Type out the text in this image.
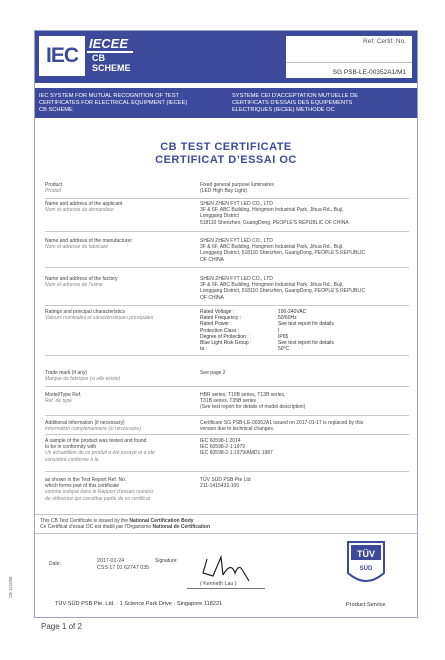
IEC
IECEE
CB SCHEME
Ref. Certif. No.
SG PSB-LE-00352A1/M1
IEC SYSTEM FOR MUTUAL RECOGNITION OF TEST
CERTIFICATES FOR ELECTRICAL EQUIPMENT (IECEE)
CB SCHEME
SYSTEME CEI D'ACCEPTATION MUTUELLE DE
CERTIFICATS D'ESSAIS DES EQUIPEMENTS
ELECTRIQUES (IECEE) METHODE OC
CB TEST CERTIFICATE
CERTIFICAT D’ESSAI OC
Product
Produit
Fixed general purpose luminaires
(LED High Bay Light)
Name and address of the applicant
Nom et adresse du demandeur
SHEN ZHEN FYT LED CO., LTD
3F & 6F, ABC Building, Hongmen Industrial Park, Jihua Rd., Buji,
Longgang District
518110 Shenzhen, GuangDong, PEOPLE'S REPUBLIC OF CHINA
Name and address of the manufacturer
Nom et adresse du fabricant
SHEN ZHEN FYT LED CO., LTD
3F & 6F, ABC Building, Hongmen Industrial Park, Jihua Rd., Buji,
Longgang District, 518110 Shenzhen, GuangDong, PEOPLE'S REPUBLIC
OF CHINA
Name and address of the factory
Nom et adresse de l'usine
SHEN ZHEN FYT LED CO., LTD
3F & 6F, ABC Building, Hongmen Industrial Park, Jihua Rd., Buji,
Longgang District, 518110 Shenzhen, GuangDong, PEOPLE'S REPUBLIC
OF CHINA
Ratings and principal characteristics
Valeurs nominales et caractéristiques principales
Rated Voltage :	100-240VAC
Rated Frequency :	50/60Hz
Rated Power :	See test report for details
Protection Class :	I
Degree of Protection :	IP65
Blue Light Risk Group :	See test report for details
ta :	50°C
Trade mark (if any)
Marque de fabrique (si elle existe)
See page 2
Model/Type Ref.
Ref. de type
HBR series, T10B series, T13B series,
T31B series, T35B series
(See test report for details of model description)
Additional information (if necessary)
Information complémentaire (si nécessaire)
Certificate SG PSB-LE-00352A1 issued on 2017-01-17 is replaced by this
version due to technical changes.
A sample of the product was tested and found
to be in conformity with
Un échantillon de ce produit a été essayé et a été
considéré conforme à la
IEC 60598-1:2014
IEC 60598-2-1:1979
IEC 60598-2-1:1979/AMD1:1987
as shown in the Test Report Ref. No.
which forms part of this certificate
comme indiqué dans le Rapport d'essais numéro
de référence qui constitue partie de ce certificat
TÜV SÜD PSB Pte Ltd
211-1415432-100
This CB Test Certificate is issued by the National Certification Body
Ce Certificat d'essai OC est établi par l'Organisme National de Certification
Date:	2017-01-24
CSS 17 01 62747 035
Signature:
( Kenneth Lau )
TÜV
SÜD
Product Service
TÜV SÜD PSB Pte. Ltd. · 1 Science Park Drive · Singapore 118221
CB 1115/08
Page 1 of 2
